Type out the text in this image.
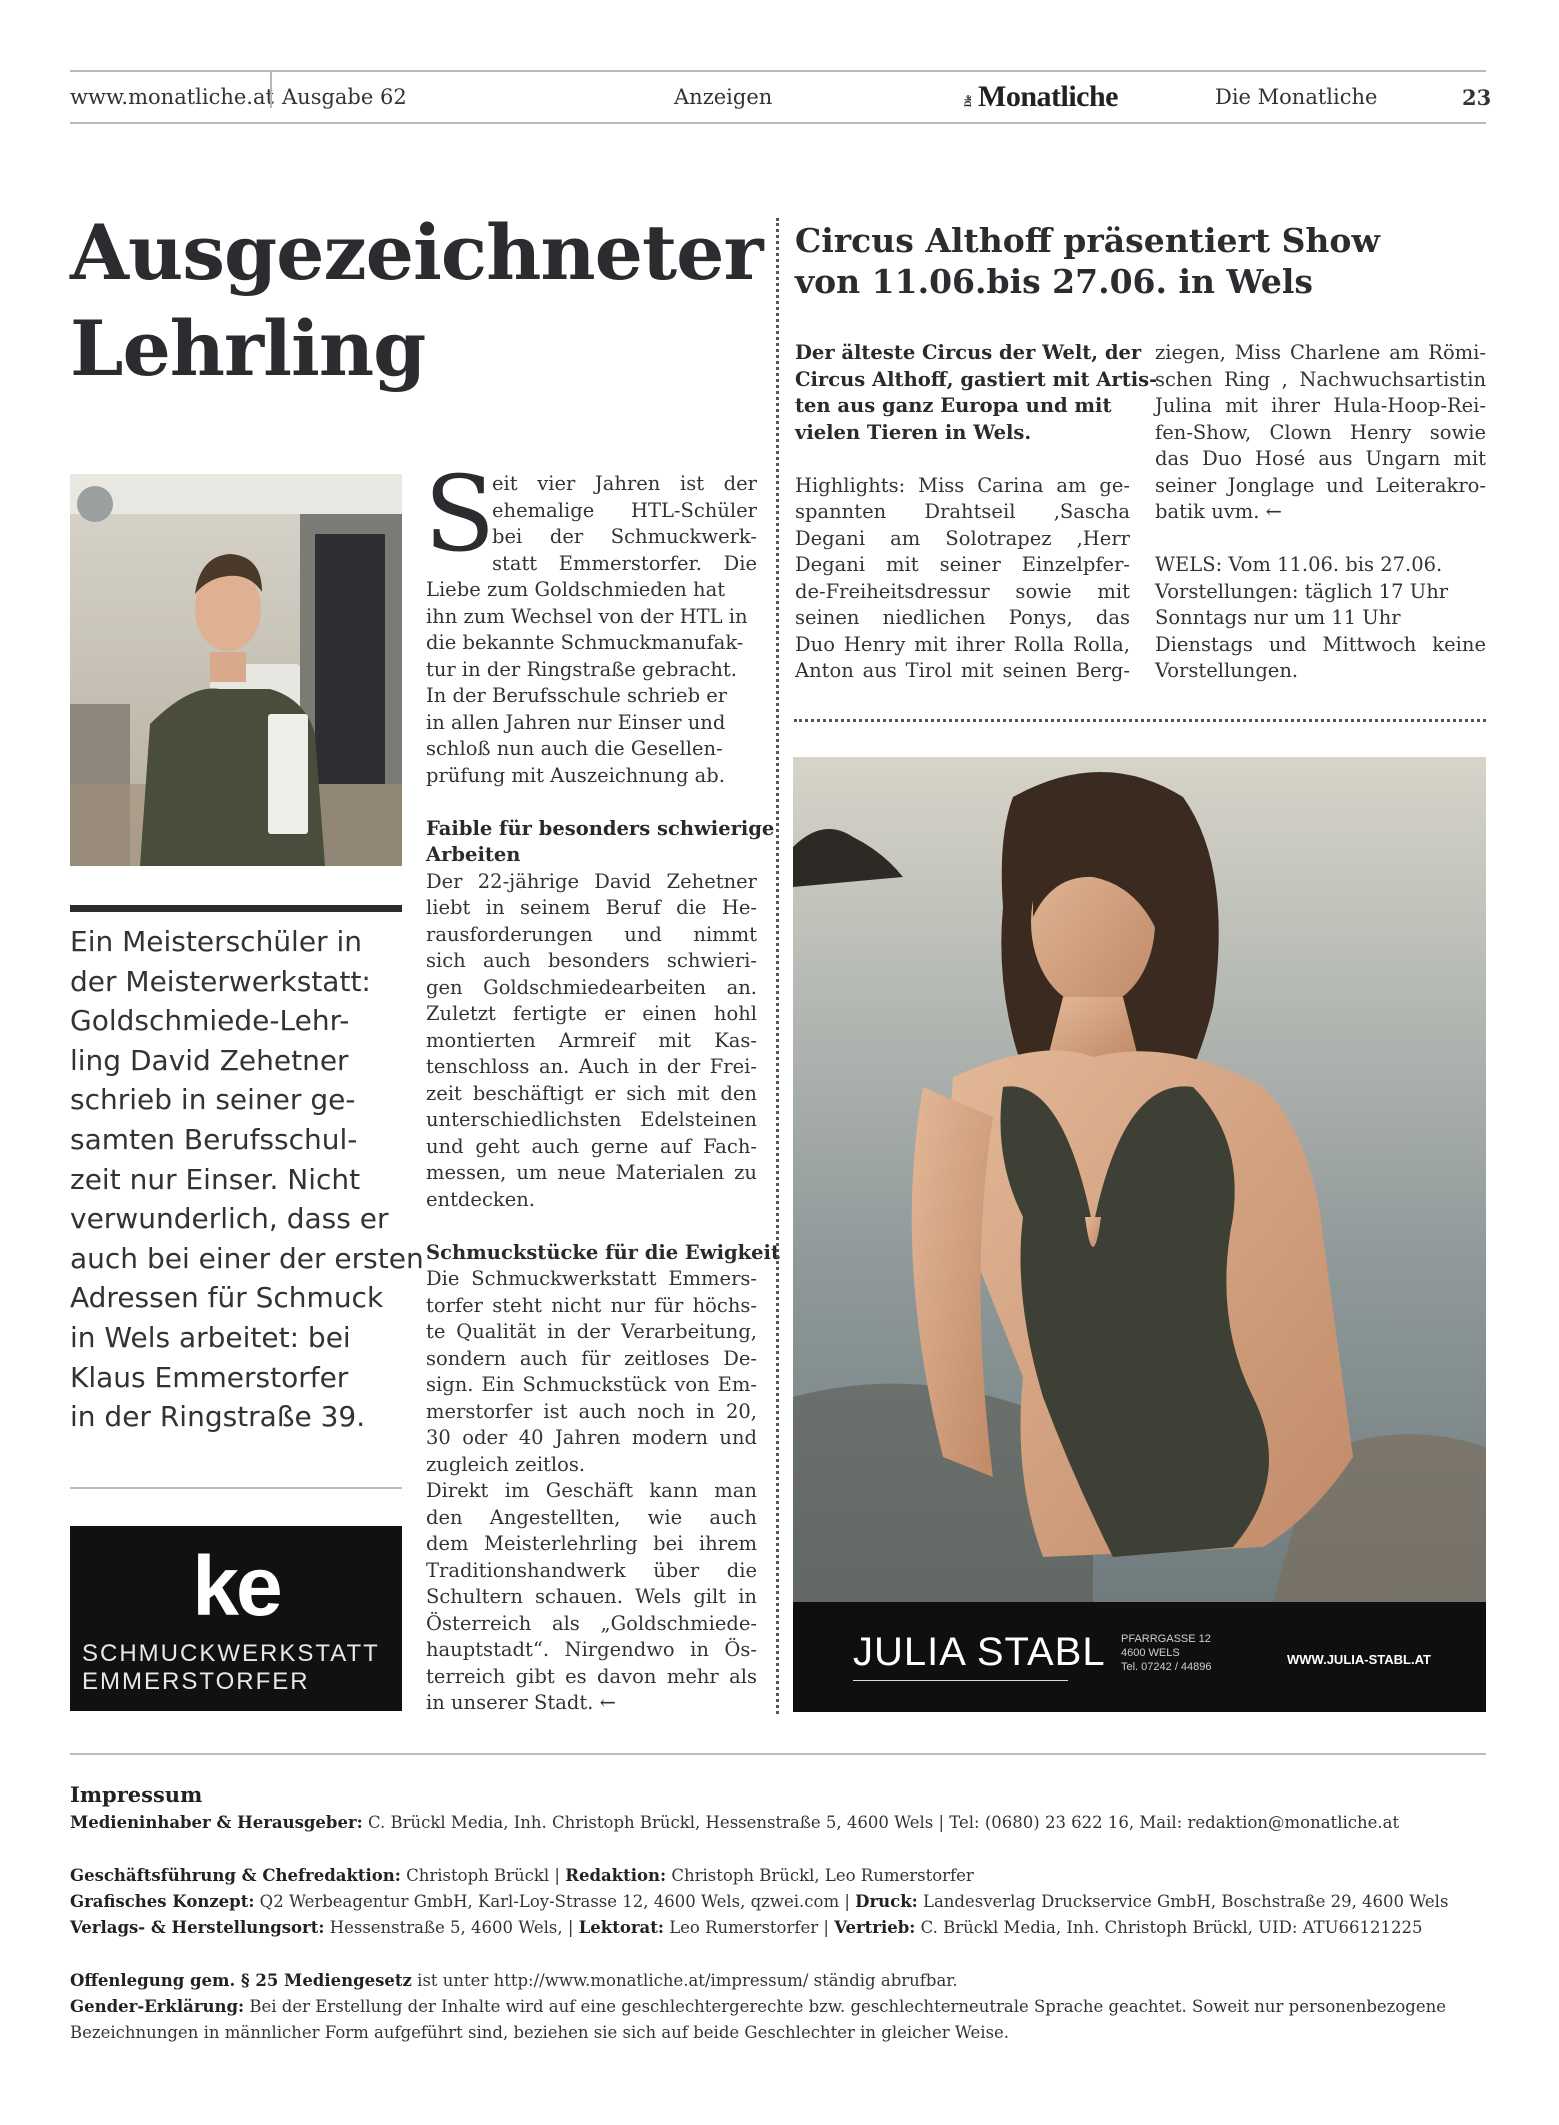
www.monatliche.at Ausgabe 62	Anzeigen	Die Monatliche	Die Monatliche	23
Ausgezeichneter
Lehrling
Ein Meisterschüler in
der Meisterwerkstatt:
Goldschmiede-Lehr-
ling David Zehetner
schrieb in seiner ge-
samten Berufsschul-
zeit nur Einser. Nicht
verwunderlich, dass er
auch bei einer der ersten
Adressen für Schmuck
in Wels arbeitet: bei
Klaus Emmerstorfer
in der Ringstraße 39.
ke
SCHMUCKWERKSTATT
EMMERSTORFER
S
eit vier Jahren ist der
ehemalige HTL-Schüler
bei der Schmuckwerk-
statt Emmerstorfer. Die
Liebe zum Goldschmieden hat
ihn zum Wechsel von der HTL in
die bekannte Schmuckmanufak-
tur in der Ringstraße gebracht.
In der Berufsschule schrieb er
in allen Jahren nur Einser und
schloß nun auch die Gesellen-
prüfung mit Auszeichnung ab.
Faible für besonders schwierige
Arbeiten
Der 22-jährige David Zehetner
liebt in seinem Beruf die He-
rausforderungen und nimmt
sich auch besonders schwieri-
gen Goldschmiedearbeiten an.
Zuletzt fertigte er einen hohl
montierten Armreif mit Kas-
tenschloss an. Auch in der Frei-
zeit beschäftigt er sich mit den
unterschiedlichsten Edelsteinen
und geht auch gerne auf Fach-
messen, um neue Materialen zu
entdecken.
Schmuckstücke für die Ewigkeit
Die Schmuckwerkstatt Emmers-
torfer steht nicht nur für höchs-
te Qualität in der Verarbeitung,
sondern auch für zeitloses De-
sign. Ein Schmuckstück von Em-
merstorfer ist auch noch in 20,
30 oder 40 Jahren modern und
zugleich zeitlos.
Direkt im Geschäft kann man
den Angestellten, wie auch
dem Meisterlehrling bei ihrem
Traditionshandwerk über die
Schultern schauen. Wels gilt in
Österreich als „Goldschmiede-
hauptstadt“. Nirgendwo in Ös-
terreich gibt es davon mehr als
in unserer Stadt. ←
Circus Althoff präsentiert Show
von 11.06.bis 27.06. in Wels
Der älteste Circus der Welt, der
Circus Althoff, gastiert mit Artis-
ten aus ganz Europa und mit
vielen Tieren in Wels.
Highlights: Miss Carina am ge-
spannten Drahtseil ,Sascha
Degani am Solotrapez ,Herr
Degani mit seiner Einzelpfer-
de-Freiheitsdressur sowie mit
seinen niedlichen Ponys, das
Duo Henry mit ihrer Rolla Rolla,
Anton aus Tirol mit seinen Berg-
ziegen, Miss Charlene am Römi-
schen Ring , Nachwuchsartistin
Julina mit ihrer Hula-Hoop-Rei-
fen-Show, Clown Henry sowie
das Duo Hosé aus Ungarn mit
seiner Jonglage und Leiterakro-
batik uvm. ←
WELS: Vom 11.06. bis 27.06.
Vorstellungen: täglich 17 Uhr
Sonntags nur um 11 Uhr
Dienstags und Mittwoch keine
Vorstellungen.
JULIA STABL PFARRGASSE 12
4600 WELS
Tel. 07242 / 44896	WWW.JULIA-STABL.AT
Impressum
Medieninhaber & Herausgeber: C. Brückl Media, Inh. Christoph Brückl, Hessenstraße 5, 4600 Wels | Tel: (0680) 23 622 16, Mail: redaktion@monatliche.at
Geschäftsführung & Chefredaktion: Christoph Brückl | Redaktion: Christoph Brückl, Leo Rumerstorfer
Grafisches Konzept: Q2 Werbeagentur GmbH, Karl-Loy-Strasse 12, 4600 Wels, qzwei.com | Druck: Landesverlag Druckservice GmbH, Boschstraße 29, 4600 Wels
Verlags- & Herstellungsort: Hessenstraße 5, 4600 Wels, | Lektorat: Leo Rumerstorfer | Vertrieb: C. Brückl Media, Inh. Christoph Brückl, UID: ATU66121225
Offenlegung gem. § 25 Mediengesetz ist unter http://www.monatliche.at/impressum/ ständig abrufbar.
Gender-Erklärung: Bei der Erstellung der Inhalte wird auf eine geschlechtergerechte bzw. geschlechterneutrale Sprache geachtet. Soweit nur personenbezogene
Bezeichnungen in männlicher Form aufgeführt sind, beziehen sie sich auf beide Geschlechter in gleicher Weise.
